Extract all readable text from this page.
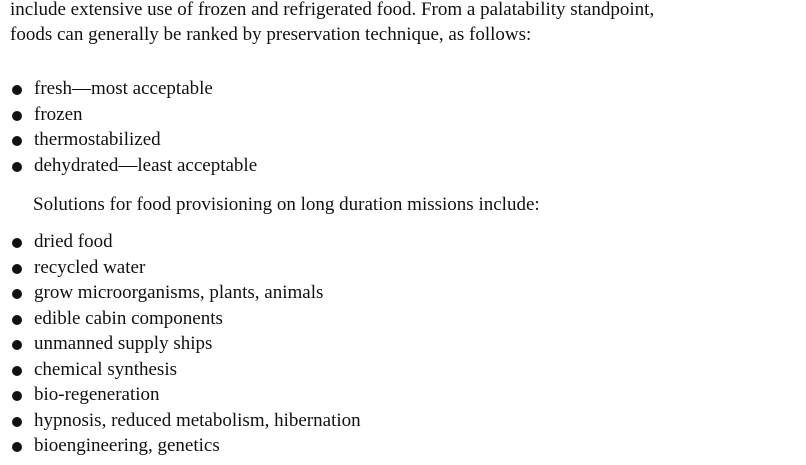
include extensive use of frozen and refrigerated food. From a palatability standpoint,

foods can generally be ranked by preservation technique, as follows:

fresh—most acceptable
frozen
thermostabilized
dehydrated—least acceptable

Solutions for food provisioning on long duration missions include:

dried food
recycled water
grow microorganisms, plants, animals
edible cabin components
unmanned supply ships
chemical synthesis
bio-regeneration
hypnosis, reduced metabolism, hibernation
bioengineering, genetics
